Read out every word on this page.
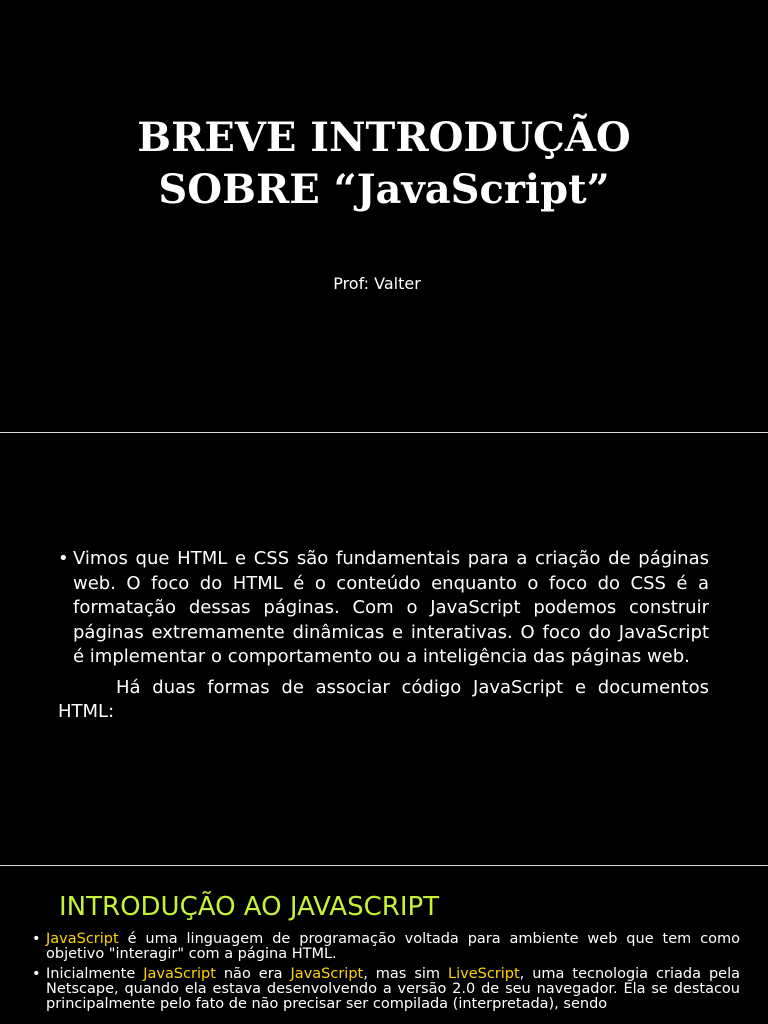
BREVE INTRODUÇÃO
SOBRE “JavaScript”
Prof: Valter

• Vimos que HTML e CSS são fundamentais para a criação de páginas web. O foco do HTML é o conteúdo enquanto o foco do CSS é a formatação dessas páginas. Com o JavaScript podemos construir páginas extremamente dinâmicas e interativas. O foco do JavaScript é implementar o comportamento ou a inteligência das páginas web.

Há duas formas de associar código JavaScript e documentos HTML:

INTRODUÇÃO AO JAVASCRIPT

• JavaScript é uma linguagem de programação voltada para ambiente web que tem como objetivo "interagir" com a página HTML.

• Inicialmente JavaScript não era JavaScript, mas sim LiveScript, uma tecnologia criada pela Netscape, quando ela estava desenvolvendo a versão 2.0 de seu navegador. Ela se destacou principalmente pelo fato de não precisar ser compilada (interpretada), sendo
